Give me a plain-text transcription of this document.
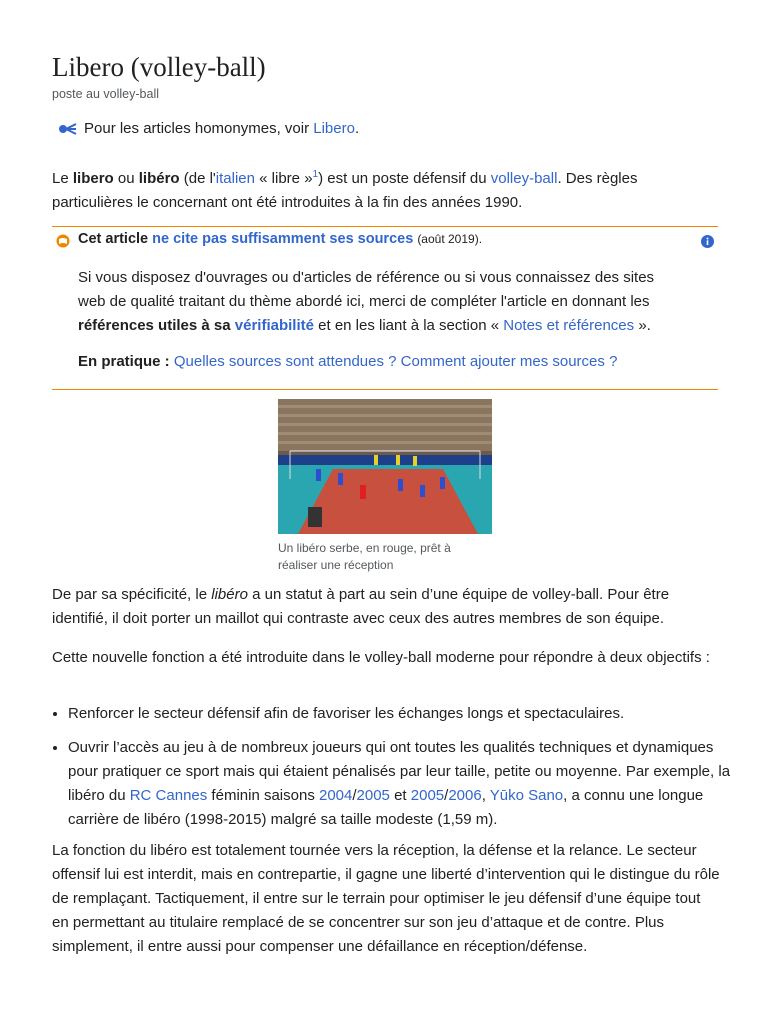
Libero (volley-ball)
poste au volley-ball
Pour les articles homonymes, voir Libero.

Le libero ou libéro (de l'italien « libre »$^1$) est un poste défensif du volley-ball. Des règles particulières le concernant ont été introduites à la fin des années 1990.

Cet article ne cite pas suffisamment ses sources (août 2019).
Si vous disposez d'ouvrages ou d'articles de référence ou si vous connaissez des sites web de qualité traitant du thème abordé ici, merci de compléter l'article en donnant les références utiles à sa vérifiabilité et en les liant à la section « Notes et références ».
En pratique : Quelles sources sont attendues ? Comment ajouter mes sources ?
Un libéro serbe, en rouge, prêt à réaliser une réception

De par sa spécificité, le libéro a un statut à part au sein d’une équipe de volley-ball. Pour être identifié, il doit porter un maillot qui contraste avec ceux des autres membres de son équipe.

Cette nouvelle fonction a été introduite dans le volley-ball moderne pour répondre à deux objectifs :

• Renforcer le secteur défensif afin de favoriser les échanges longs et spectaculaires.
• Ouvrir l’accès au jeu à de nombreux joueurs qui ont toutes les qualités techniques et dynamiques pour pratiquer ce sport mais qui étaient pénalisés par leur taille, petite ou moyenne. Par exemple, la libéro du RC Cannes féminin saisons 2004/2005 et 2005/2006, Yūko Sano, a connu une longue carrière de libéro (1998-2015) malgré sa taille modeste (1,59 m).

La fonction du libéro est totalement tournée vers la réception, la défense et la relance. Le secteur offensif lui est interdit, mais en contrepartie, il gagne une liberté d’intervention qui le distingue du rôle de remplaçant. Tactiquement, il entre sur le terrain pour optimiser le jeu défensif d’une équipe tout en permettant au titulaire remplacé de se concentrer sur son jeu d’attaque et de contre. Plus simplement, il entre aussi pour compenser une défaillance en réception/défense.
